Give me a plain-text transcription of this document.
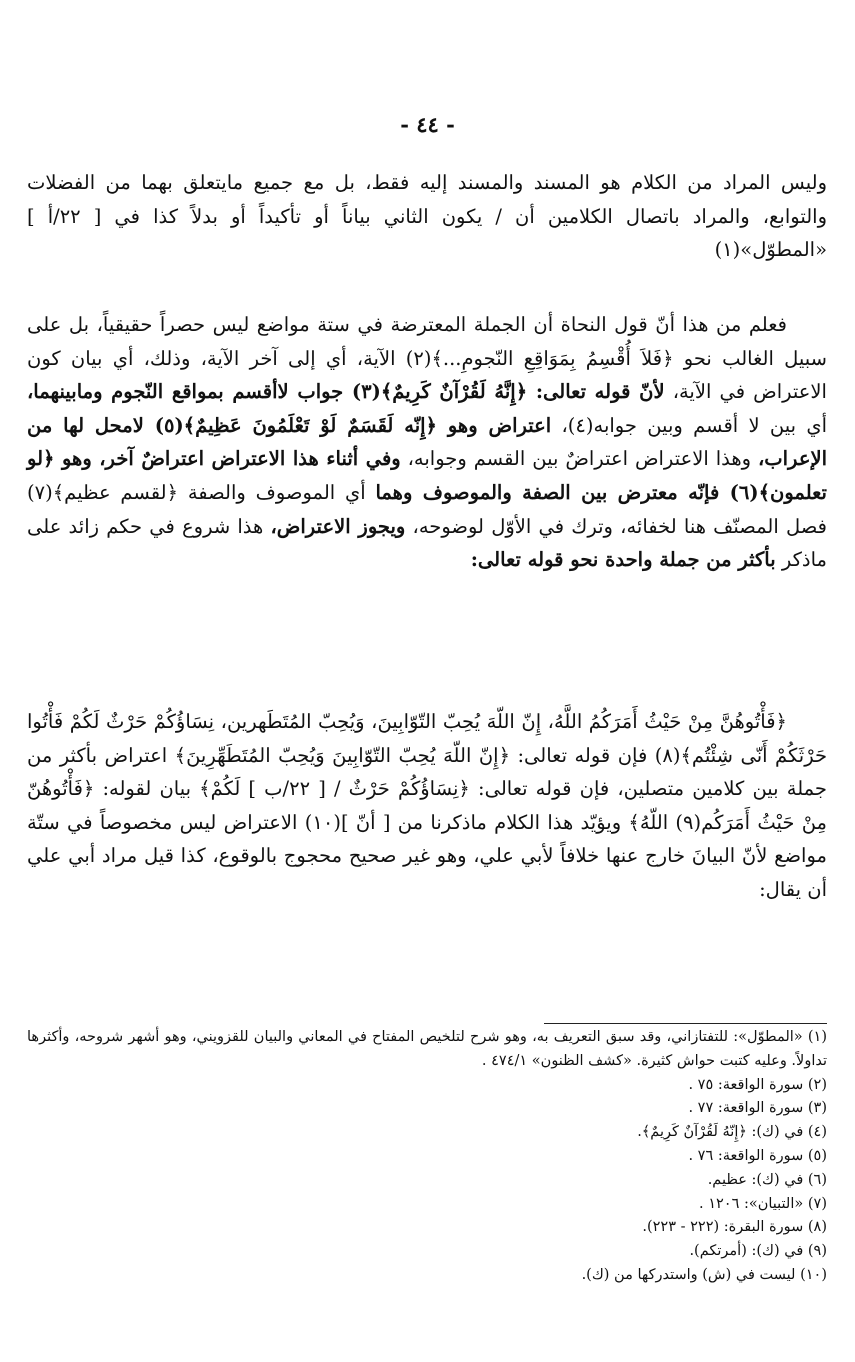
- ٤٤ -

وليس المراد من الكلام هو المسند والمسند إليه فقط، بل مع جميع مايتعلق بهما من الفضلات والتوابع، والمراد باتصال الكلامين أن / يكون الثاني بياناً أو تأكيداً أو بدلاً كذا في [ ٢٢/أ ] «المطوّل»(١)

فعلم من هذا أنّ قول النحاة أن الجملة المعترضة في ستة مواضع ليس حصراً حقيقياً، بل على سبيل الغالب نحو ﴿فَلاَ أُقْسِمُ بِمَوَاقِعِ النّجومِ...﴾(٢) الآية، أي إلى آخر الآية، وذلك، أي بيان كون الاعتراض في الآية، لأنّ قوله تعالى: ﴿إِنَّهُ لَقُرْآنٌ كَرِيمٌ﴾(٣) جواب لاأقسم بمواقع النّجوم ومابينهما، أي بين لا أقسم وبين جوابه(٤)، اعتراض وهو ﴿إِنّه لَقَسَمٌ لَوْ تَعْلَمُونَ عَظِيمٌ﴾(٥) لامحل لها من الإعراب، وهذا الاعتراض اعتراضٌ بين القسم وجوابه، وفي أثناء هذا الاعتراض اعتراضٌ آخر، وهو ﴿لو تعلمون﴾(٦) فإنّه معترض بين الصفة والموصوف وهما أي الموصوف والصفة ﴿لقسم عظيم﴾(٧) فصل المصنّف هنا لخفائه، وترك في الأوّل لوضوحه، ويجوز الاعتراض، هذا شروع في حكم زائد على ماذكر بأكثر من جملة واحدة نحو قوله تعالى:

﴿فَأْتُوهُنَّ مِنْ حَيْثُ أَمَرَكُمُ اللَّهُ، إِنّ اللّهَ يُحِبّ التّوّابِينَ، وَيُحِبّ المُتَطَهرين، نِسَاؤُكُمْ حَرْثٌ لَكُمْ فَأْتُوا حَرْثَكُمْ أَنّى شِئْتُم﴾(٨) فإن قوله تعالى: ﴿إِنّ اللّهَ يُحِبّ التّوّابِينَ وَيُحِبّ المُتَطَهِّرِينَ﴾ اعتراض بأكثر من جملة بين كلامين متصلين، فإن قوله تعالى: ﴿نِسَاؤُكُمْ حَرْثٌ / [ ٢٢/ب ] لَكُمْ﴾ بيان لقوله: ﴿فَأْتُوهُنّ مِنْ حَيْثُ أَمَرَكُم(٩) اللّهُ﴾ ويؤيّد هذا الكلام ماذكرنا من [ أنّ ](١٠) الاعتراض ليس مخصوصاً في ستّة مواضع لأنّ البيانَ خارج عنها خلافاً لأبي علي، وهو غير صحيح محجوج بالوقوع، كذا قيل مراد أبي علي أن يقال:

(١) «المطوّل»: للتفتازاني، وقد سبق التعريف به، وهو شرح لتلخيص المفتاح في المعاني والبيان للقزويني، وهو أشهر شروحه، وأكثرها تداولاً. وعليه كتبت حواش كثيرة. «كشف الظنون» ٤٧٤/١ .

(٢) سورة الواقعة: ٧٥ .

(٣) سورة الواقعة: ٧٧ .

(٤) في (ك): ﴿إِنّهُ لَقُرْآنٌ كَرِيمٌ﴾.

(٥) سورة الواقعة: ٧٦ .

(٦) في (ك): عظيم.

(٧) «التبيان»: ١٢٠٦ .

(٨) سورة البقرة: (٢٢٢ - ٢٢٣).

(٩) في (ك): (أمرتكم).

(١٠) ليست في (ش) واستدركها من (ك).
